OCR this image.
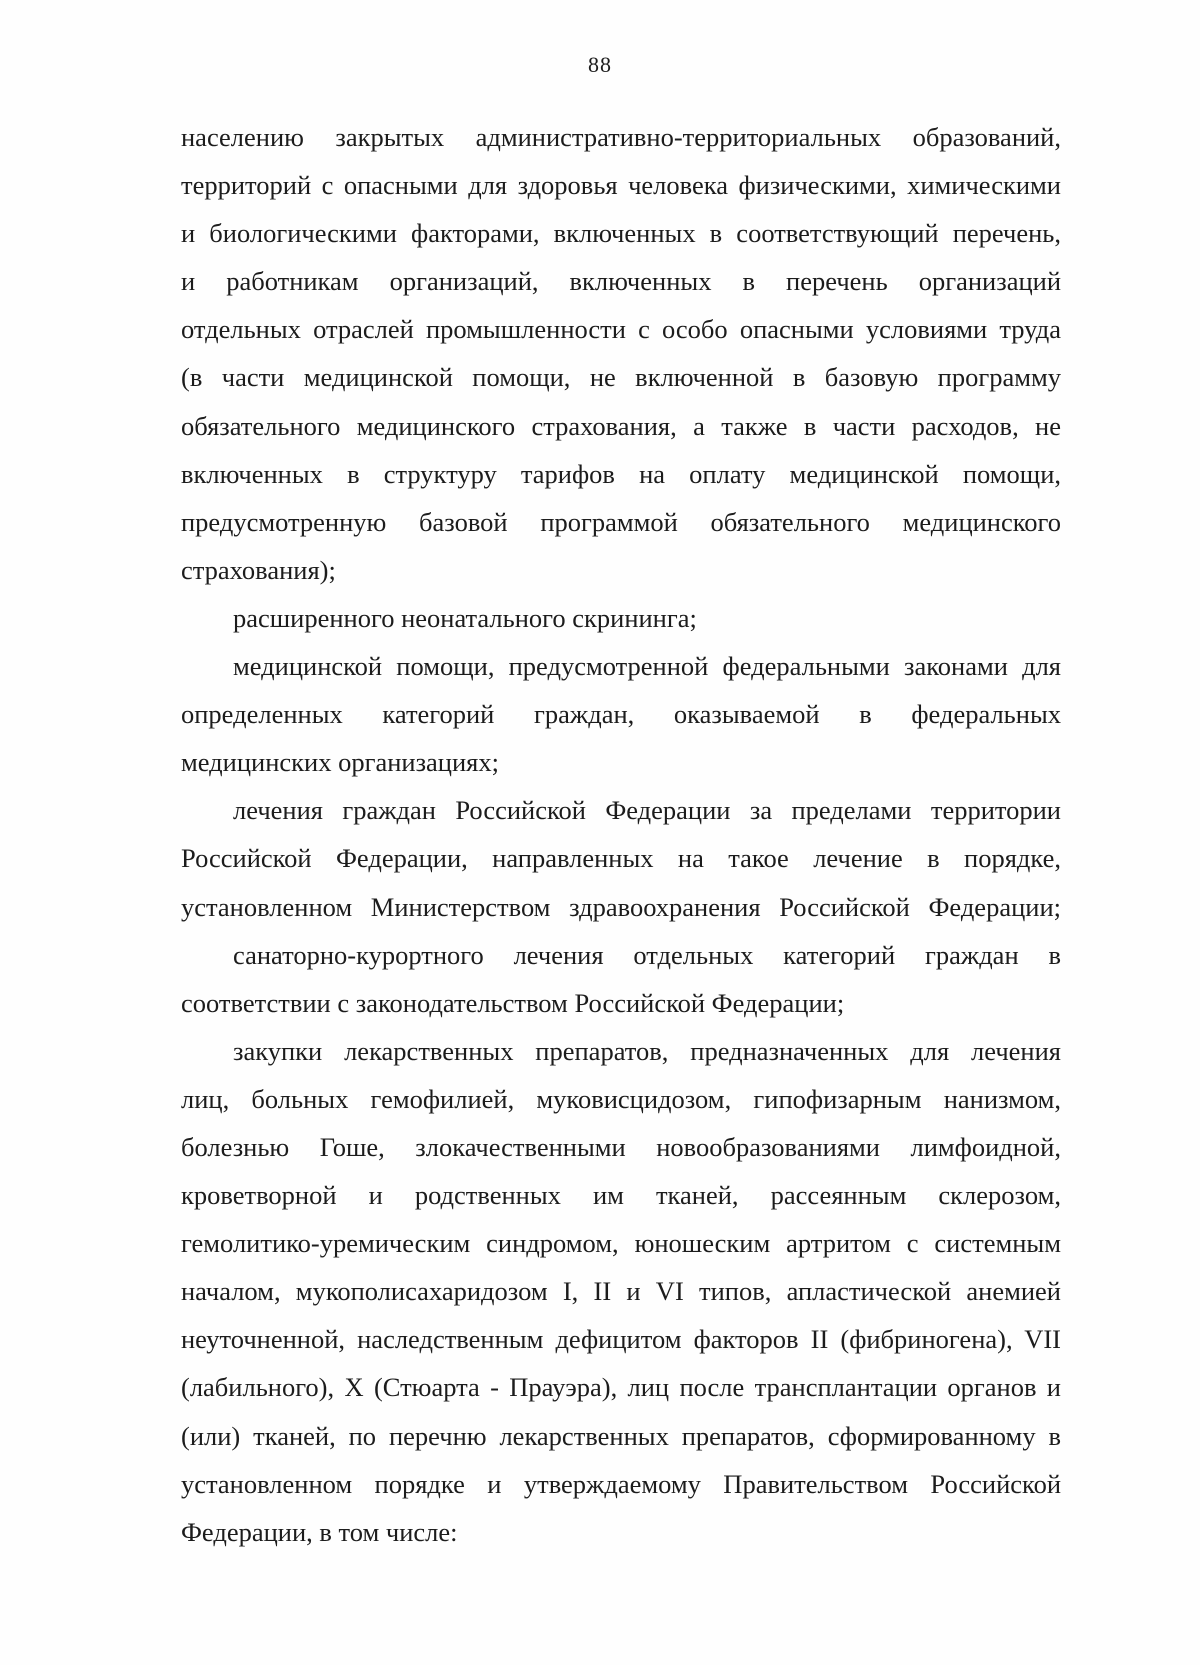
88
населению закрытых административно-территориальных образований,
территорий с опасными для здоровья человека физическими, химическими
и биологическими факторами, включенных в соответствующий перечень,
и работникам организаций, включенных в перечень организаций
отдельных отраслей промышленности с особо опасными условиями труда
(в части медицинской помощи, не включенной в базовую программу
обязательного медицинского страхования, а также в части расходов, не
включенных в структуру тарифов на оплату медицинской помощи,
предусмотренную базовой программой обязательного медицинского
страхования);
расширенного неонатального скрининга;
медицинской помощи, предусмотренной федеральными законами для
определенных категорий граждан, оказываемой в федеральных
медицинских организациях;
лечения граждан Российской Федерации за пределами территории
Российской Федерации, направленных на такое лечение в порядке,
установленном Министерством здравоохранения Российской Федерации;
санаторно-курортного лечения отдельных категорий граждан в
соответствии с законодательством Российской Федерации;
закупки лекарственных препаратов, предназначенных для лечения
лиц, больных гемофилией, муковисцидозом, гипофизарным нанизмом,
болезнью Гоше, злокачественными новообразованиями лимфоидной,
кроветворной и родственных им тканей, рассеянным склерозом,
гемолитико-уремическим синдромом, юношеским артритом с системным
началом, мукополисахаридозом I, II и VI типов, апластической анемией
неуточненной, наследственным дефицитом факторов II (фибриногена), VII
(лабильного), X (Стюарта - Прауэра), лиц после трансплантации органов и
(или) тканей, по перечню лекарственных препаратов, сформированному в
установленном порядке и утверждаемому Правительством Российской
Федерации, в том числе:
